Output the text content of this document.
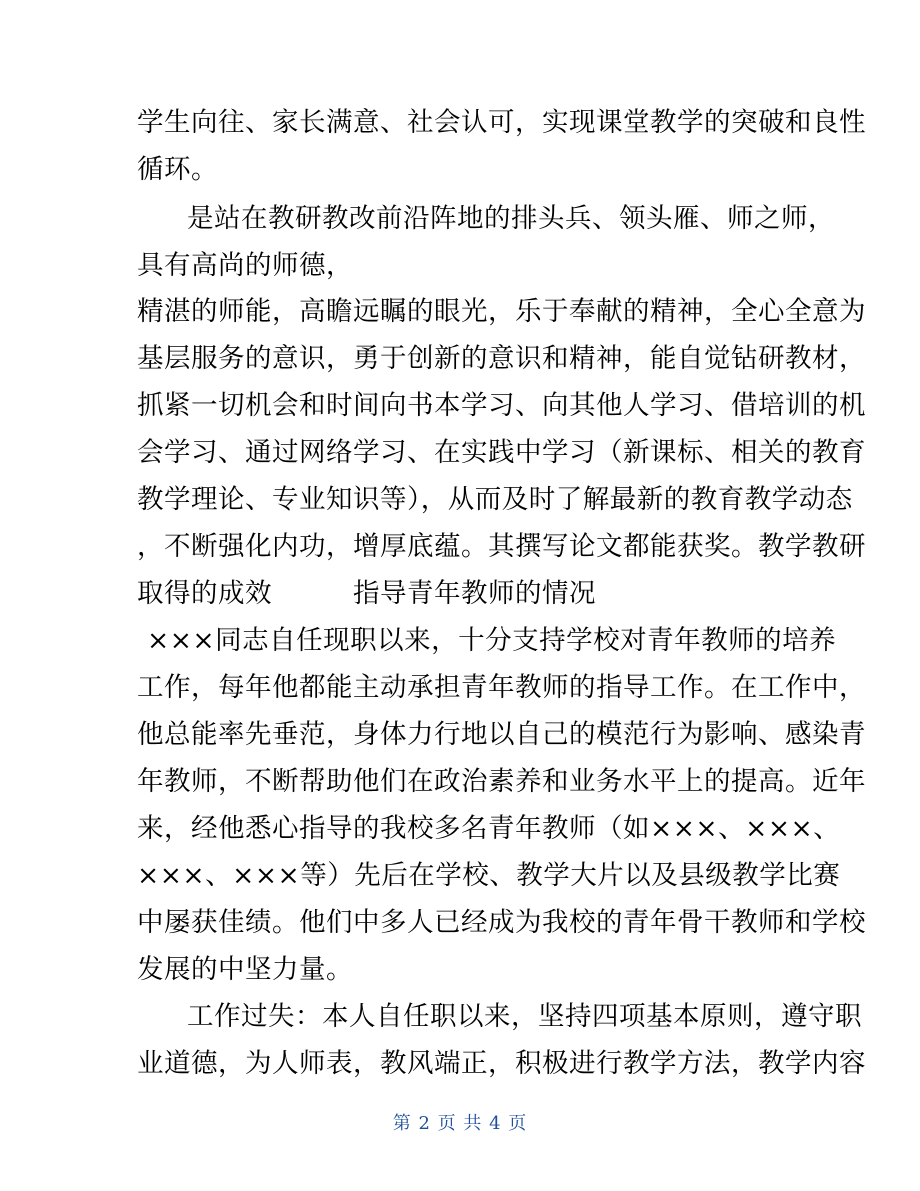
学生向往、家长满意、社会认可，实现课堂教学的突破和良性
循环。
是站在教研教改前沿阵地的排头兵、领头雁、师之师，
具有高尚的师德，
精湛的师能，高瞻远瞩的眼光，乐于奉献的精神，全心全意为
基层服务的意识，勇于创新的意识和精神，能自觉钻研教材，
抓紧一切机会和时间向书本学习、向其他人学习、借培训的机
会学习、通过网络学习、在实践中学习（新课标、相关的教育
教学理论、专业知识等），从而及时了解最新的教育教学动态
，不断强化内功，增厚底蕴。其撰写论文都能获奖。教学教研
取得的成效　　　指导青年教师的情况
×××同志自任现职以来，十分支持学校对青年教师的培养
工作，每年他都能主动承担青年教师的指导工作。在工作中，
他总能率先垂范，身体力行地以自己的模范行为影响、感染青
年教师，不断帮助他们在政治素养和业务水平上的提高。近年
来，经他悉心指导的我校多名青年教师（如×××、×××、
×××、×××等）先后在学校、教学大片以及县级教学比赛
中屡获佳绩。他们中多人已经成为我校的青年骨干教师和学校
发展的中坚力量。
工作过失：本人自任职以来，坚持四项基本原则，遵守职
业道德，为人师表，教风端正，积极进行教学方法，教学内容
第 2 页 共 4 页
